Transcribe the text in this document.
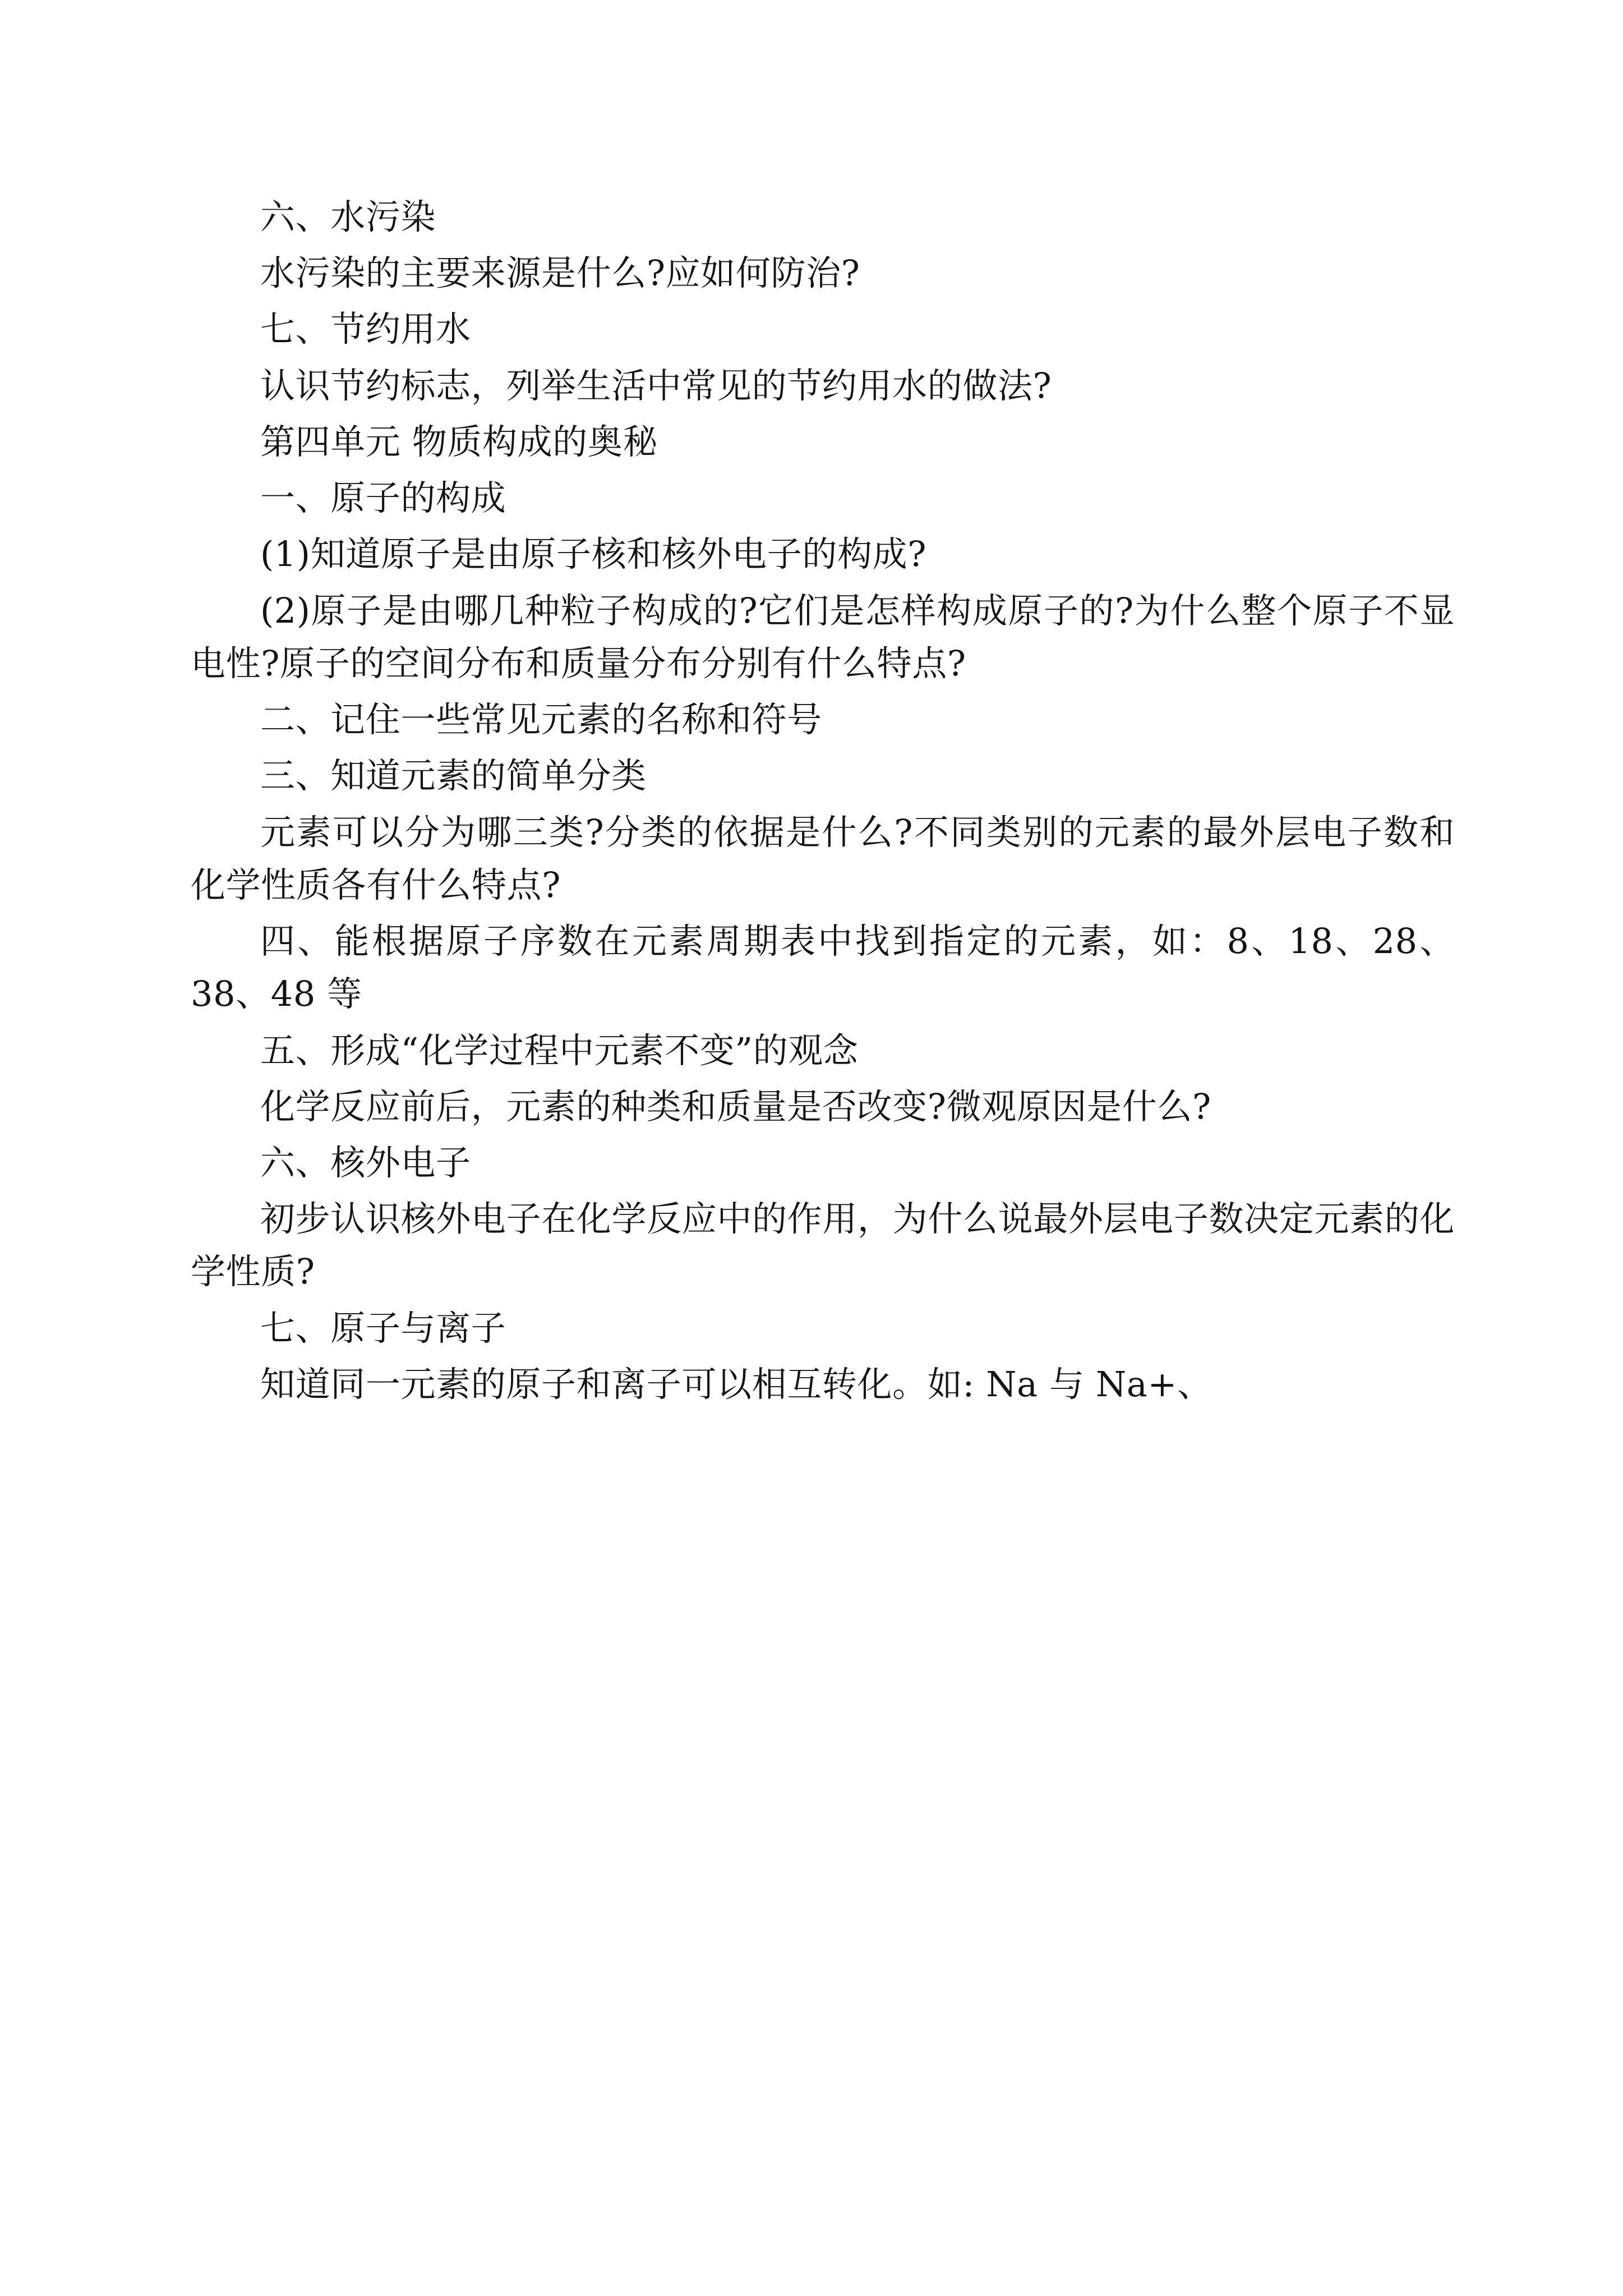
六、水污染

水污染的主要来源是什么?应如何防治?

七、节约用水

认识节约标志，列举生活中常见的节约用水的做法?

第四单元 物质构成的奥秘

一、原子的构成

(1)知道原子是由原子核和核外电子的构成?

(2)原子是由哪几种粒子构成的?它们是怎样构成原子的?为什么整个原子不显电性?原子的空间分布和质量分布分别有什么特点?

二、记住一些常见元素的名称和符号

三、知道元素的简单分类

元素可以分为哪三类?分类的依据是什么?不同类别的元素的最外层电子数和化学性质各有什么特点?

四、能根据原子序数在元素周期表中找到指定的元素，如：8、18、28、38、48 等

五、形成“化学过程中元素不变”的观念

化学反应前后，元素的种类和质量是否改变?微观原因是什么?

六、核外电子

初步认识核外电子在化学反应中的作用，为什么说最外层电子数决定元素的化学性质?

七、原子与离子

知道同一元素的原子和离子可以相互转化。如: Na 与 Na+、
